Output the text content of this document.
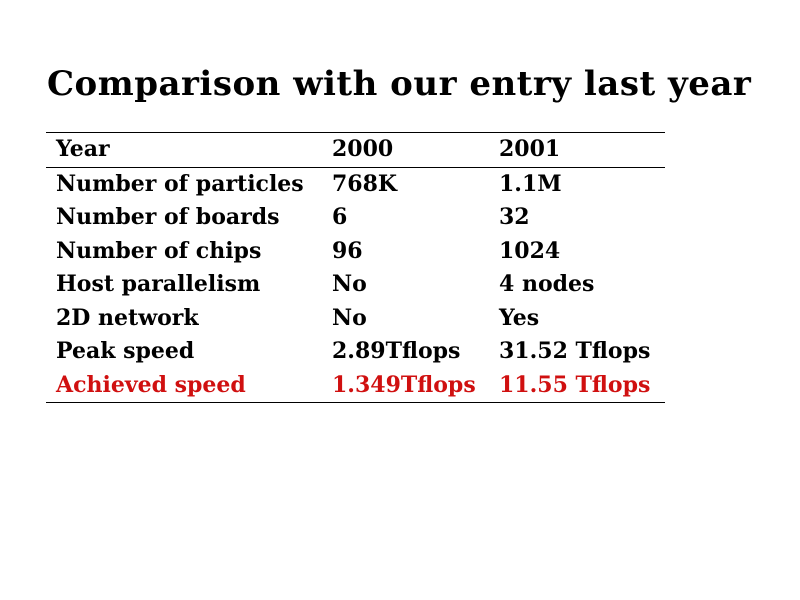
Comparison with our entry last year
Year	2000	2001
Number of particles	768K	1.1M
Number of boards	6	32
Number of chips	96	1024
Host parallelism	No	4 nodes
2D network	No	Yes
Peak speed	2.89Tflops	31.52 Tflops
Achieved speed	1.349Tflops	11.55 Tflops
